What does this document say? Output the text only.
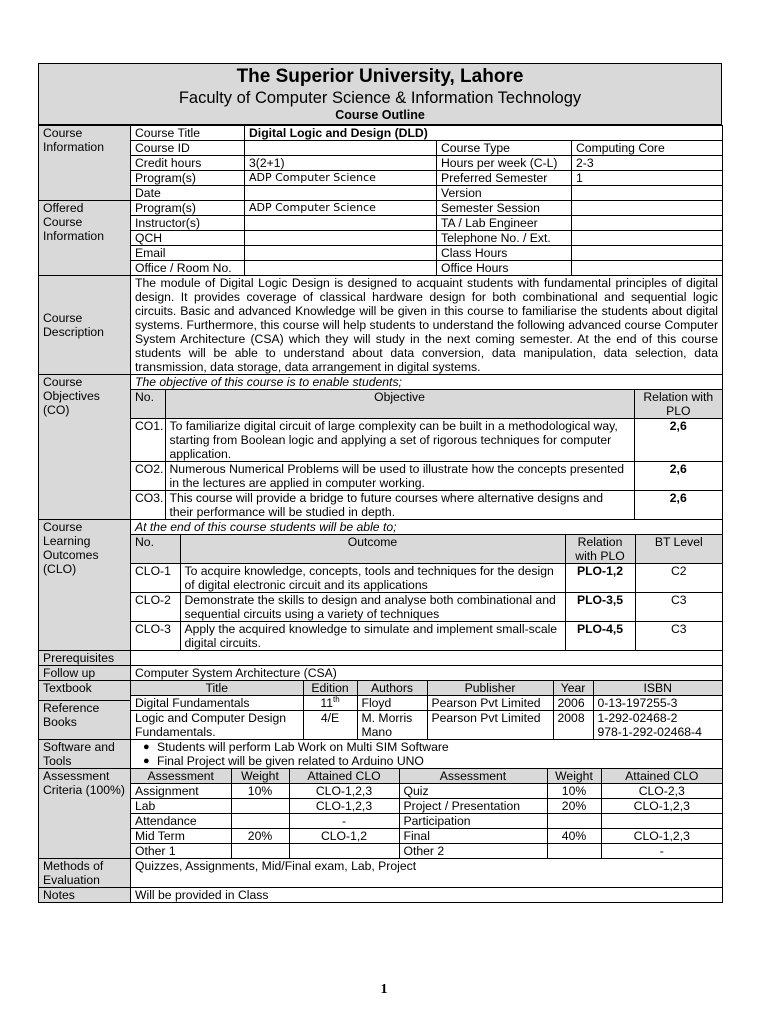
The Superior University, Lahore
Faculty of Computer Science & Information Technology
Course Outline
Course Information	Course Title	Digital Logic and Design (DLD)
Course ID		Course Type	Computing Core
Credit hours	3(2+1)	Hours per week (C-L)	2-3
Program(s)	ADP Computer Science	Preferred Semester	1
Date		Version	
Offered Course Information	Program(s)	ADP Computer Science	Semester Session	
Instructor(s)		TA / Lab Engineer	
QCH		Telephone No. / Ext.	
Email		Class Hours	
Office / Room No.		Office Hours	
Course Description	The module of Digital Logic Design is designed to acquaint students with fundamental principles of digital design. It provides coverage of classical hardware design for both combinational and sequential logic circuits. Basic and advanced Knowledge will be given in this course to familiarise the students about digital systems. Furthermore, this course will help students to understand the following advanced course Computer System Architecture (CSA) which they will study in the next coming semester. At the end of this course students will be able to understand about data conversion, data manipulation, data selection, data transmission, data storage, data arrangement in digital systems.
Course Objectives (CO)	
The objective of this course is to enable students;
No.	Objective	Relation with PLO
CO1.	To familiarize digital circuit of large complexity can be built in a methodological way, starting from Boolean logic and applying a set of rigorous techniques for computer application.	2,6
CO2.	Numerous Numerical Problems will be used to illustrate how the concepts presented in the lectures are applied in computer working.	2,6
CO3.	This course will provide a bridge to future courses where alternative designs and their performance will be studied in depth.	2,6

Course Learning Outcomes (CLO)	
At the end of this course students will be able to;
No.	Outcome	Relation with PLO	BT Level
CLO-1	To acquire knowledge, concepts, tools and techniques for the design of digital electronic circuit and its applications	PLO-1,2	C2
CLO-2	Demonstrate the skills to design and analyse both combinational and sequential circuits using a variety of techniques	PLO-3,5	C3
CLO-3	Apply the acquired knowledge to simulate and implement small-scale digital circuits.	PLO-4,5	C3

Prerequisites	
Follow up	Computer System Architecture (CSA)
Textbook		Title	Edition	Authors	Publisher	Year	ISBN
Digital Fundamentals	11th	Floyd	Pearson Pvt Limited	2006	0-13-197255-3
Logic and Computer Design Fundamentals.	4/E	M. Morris Mano	Pearson Pvt Limited	2008	1-292-02468-2
978-1-292-02468-4

Reference Books
Software and Tools	
● Students will perform Lab Work on Multi SIM Software
● Final Project will be given related to Arduino UNO

Assessment Criteria (100%)	
Assessment	Weight	Attained CLO	Assessment	Weight	Attained CLO
Assignment	10%	CLO-1,2,3	Quiz	10%	CLO-2,3
Lab		CLO-1,2,3	Project / Presentation	20%	CLO-1,2,3
Attendance		-	Participation		
Mid Term	20%	CLO-1,2	Final	40%	CLO-1,2,3
Other 1			Other 2		-

Methods of Evaluation	Quizzes, Assignments, Mid/Final exam, Lab, Project
Notes	Will be provided in Class
1
